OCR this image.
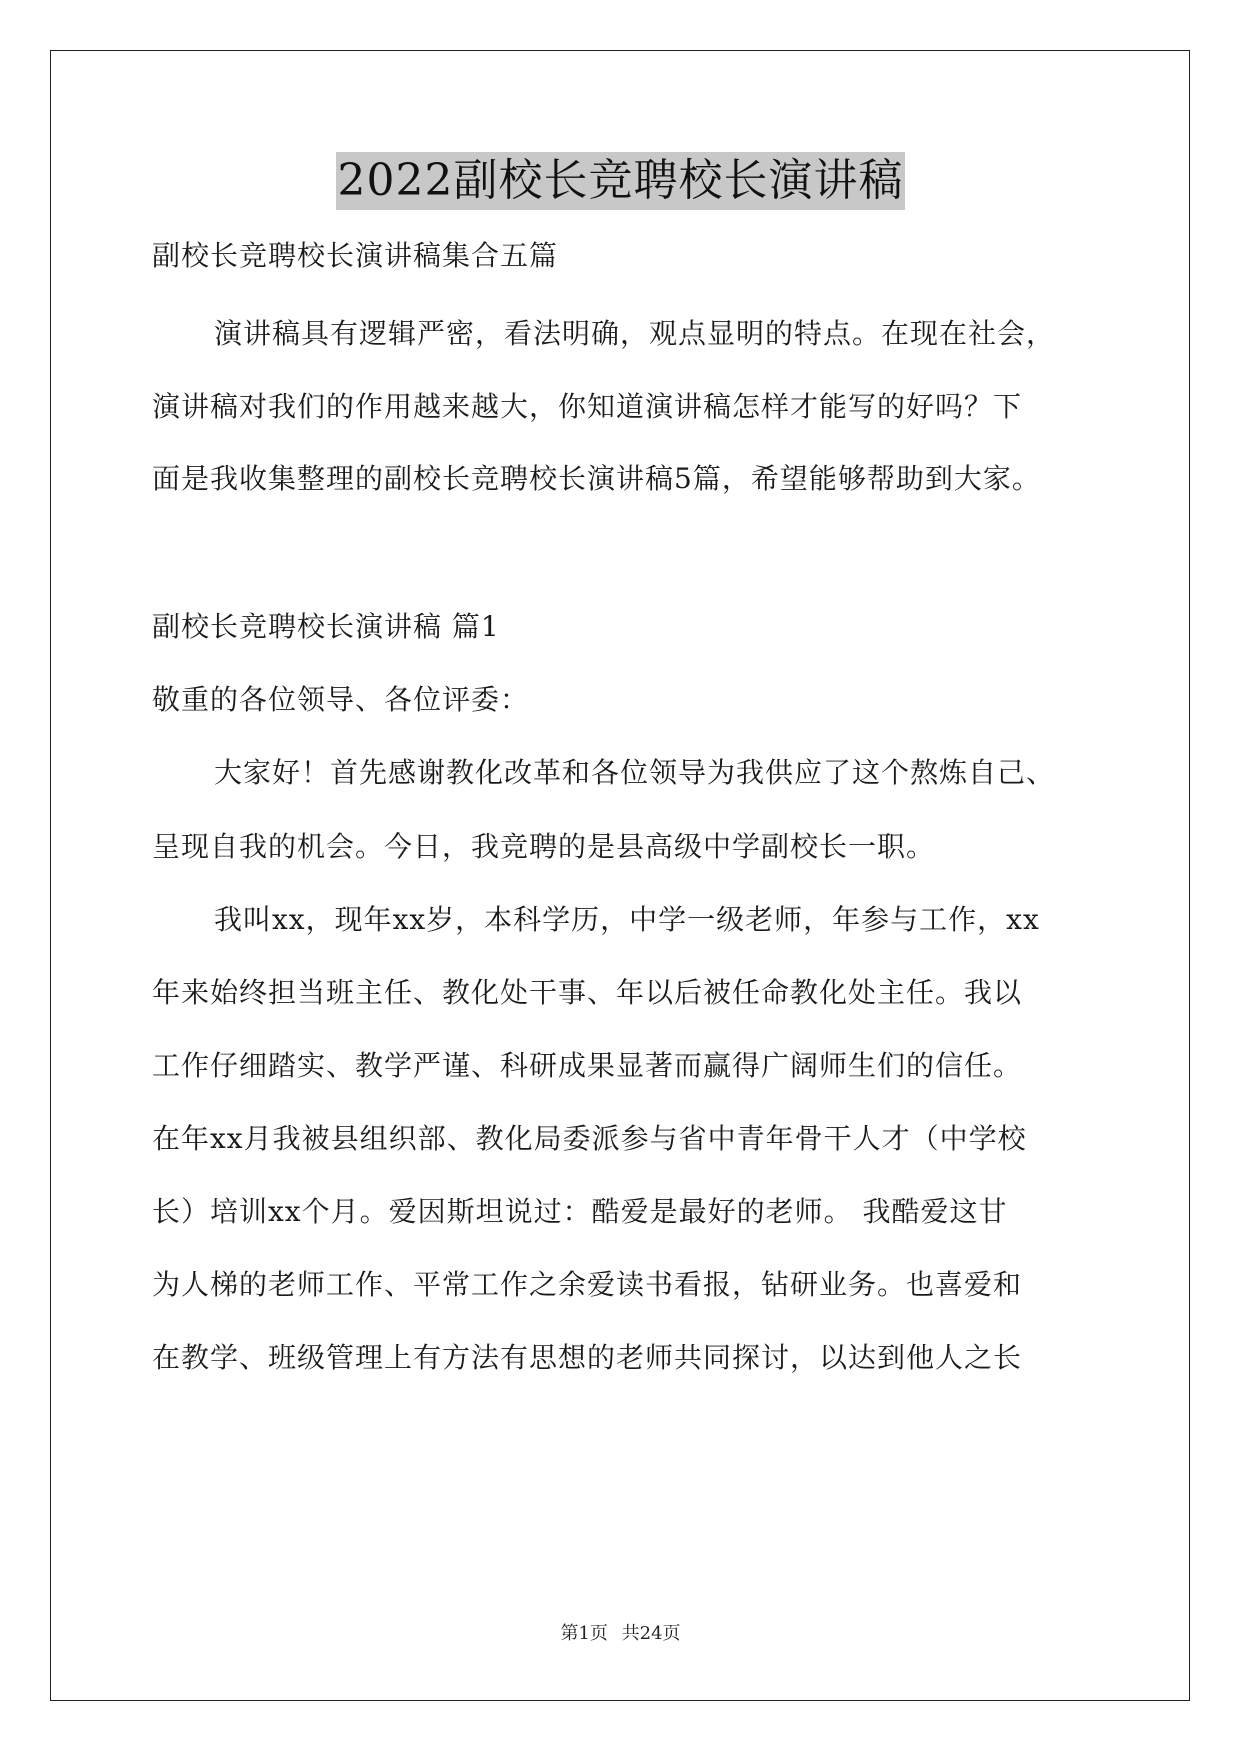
2022副校长竞聘校长演讲稿
副校长竞聘校长演讲稿集合五篇
演讲稿具有逻辑严密，看法明确，观点显明的特点。在现在社会，
演讲稿对我们的作用越来越大，你知道演讲稿怎样才能写的好吗？下
面是我收集整理的副校长竞聘校长演讲稿5篇，希望能够帮助到大家。
副校长竞聘校长演讲稿 篇1
敬重的各位领导、各位评委：
大家好！首先感谢教化改革和各位领导为我供应了这个熬炼自己、
呈现自我的机会。今日，我竞聘的是县高级中学副校长一职。
我叫xx，现年xx岁，本科学历，中学一级老师，年参与工作，xx
年来始终担当班主任、教化处干事、年以后被任命教化处主任。我以
工作仔细踏实、教学严谨、科研成果显著而赢得广阔师生们的信任。
在年xx月我被县组织部、教化局委派参与省中青年骨干人才（中学校
长）培训xx个月。爱因斯坦说过：酷爱是最好的老师。 我酷爱这甘
为人梯的老师工作、平常工作之余爱读书看报，钻研业务。也喜爱和
在教学、班级管理上有方法有思想的老师共同探讨，以达到他人之长
第1页 共24页
